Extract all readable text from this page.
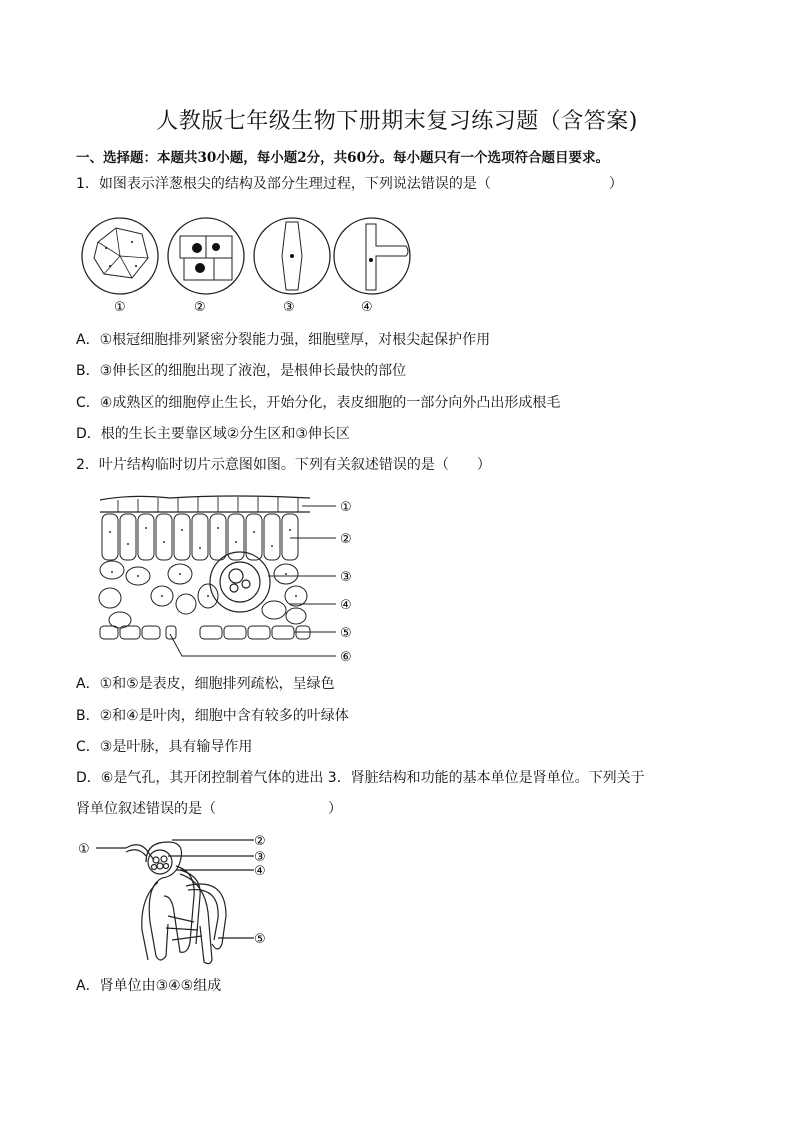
人教版七年级生物下册期末复习练习题（含答案)
一、选择题：本题共30小题，每小题2分，共60分。每小题只有一个选项符合题目要求。
1．如图表示洋葱根尖的结构及部分生理过程，下列说法错误的是（	）
①	②	③	④
A．①根冠细胞排列紧密分裂能力强，细胞壁厚，对根尖起保护作用
B．③伸长区的细胞出现了液泡，是根伸长最快的部位
C．④成熟区的细胞停止生长，开始分化，表皮细胞的一部分向外凸出形成根毛
D．根的生长主要靠区域②分生区和③伸长区
2．叶片结构临时切片示意图如图。下列有关叙述错误的是（　　）
①
②
③
④
⑤
⑥
A．①和⑤是表皮，细胞排列疏松，呈绿色
B．②和④是叶肉，细胞中含有较多的叶绿体
C．③是叶脉，具有输导作用
D．⑥是气孔，其开闭控制着气体的进出 3．肾脏结构和功能的基本单位是肾单位。下列关于
肾单位叙述错误的是（	）
①
②
③
④
⑤
A．肾单位由③④⑤组成
